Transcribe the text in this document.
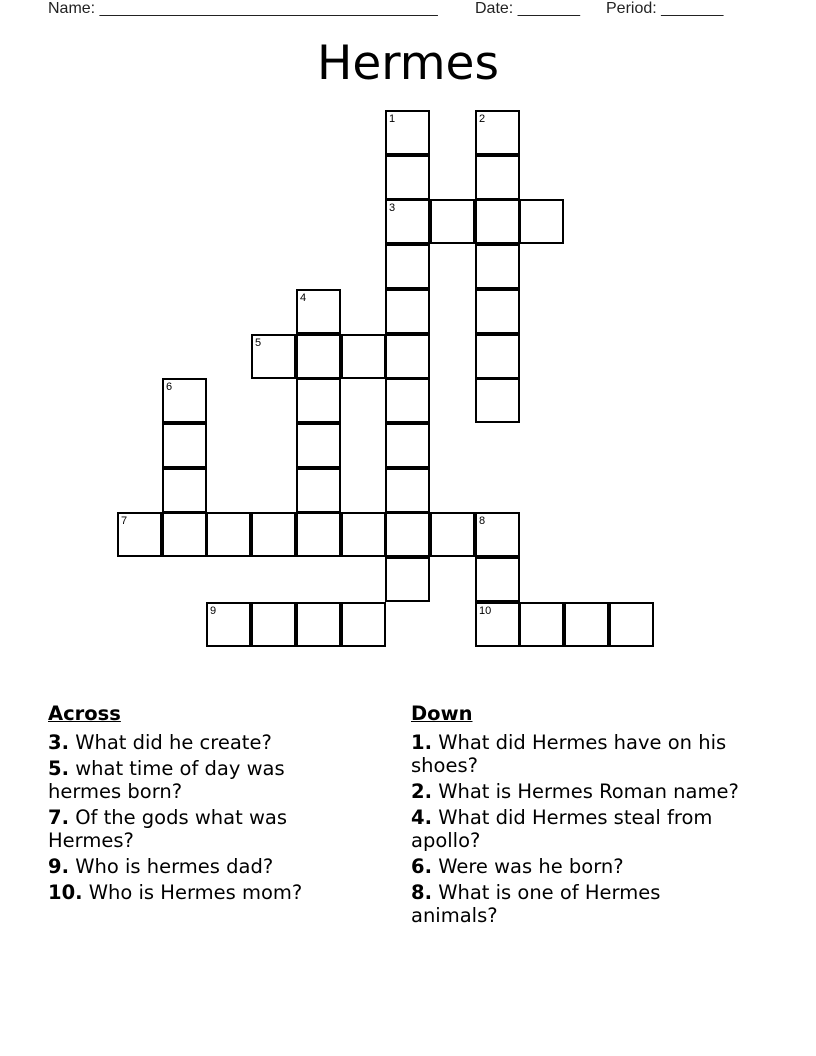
Name: ______________________________________ Date: _______ Period: _______
Hermes
1
3
2
4
5
6
7	8
10
9
Across
3. What did he create?
5. what time of day was hermes born?
7. Of the gods what was Hermes?
9. Who is hermes dad?
10. Who is Hermes mom?
Down
1. What did Hermes have on his shoes?
2. What is Hermes Roman name?
4. What did Hermes steal from apollo?
6. Were was he born?
8. What is one of Hermes animals?
